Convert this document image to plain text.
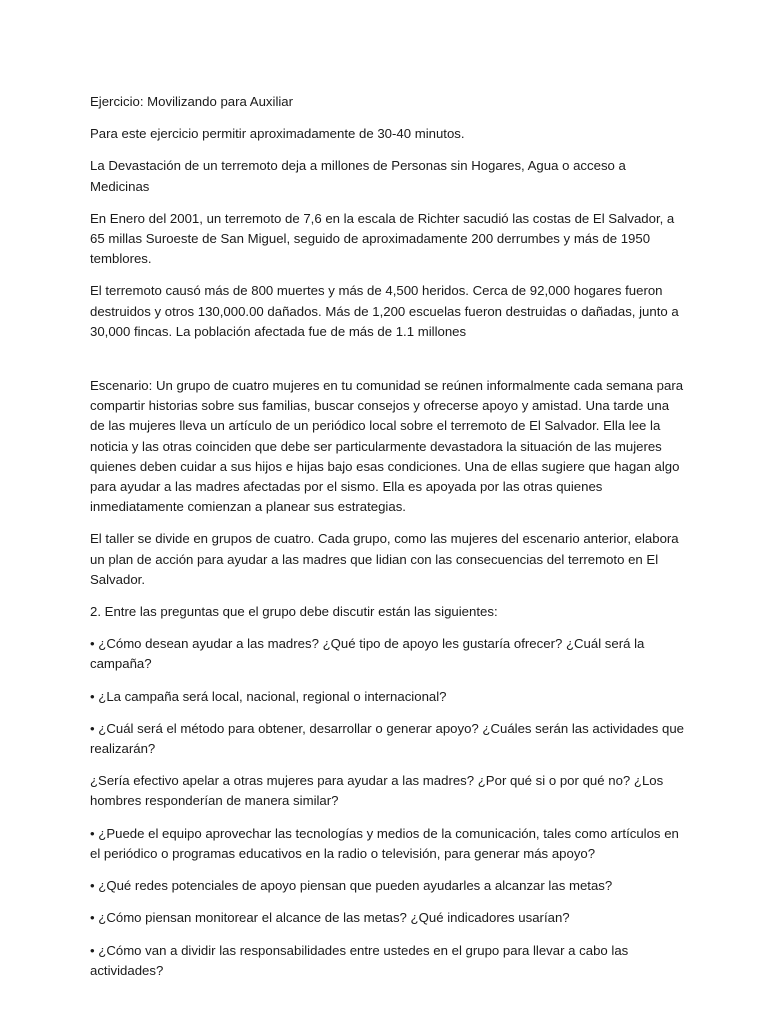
Ejercicio: Movilizando para Auxiliar

Para este ejercicio permitir aproximadamente de 30-40 minutos.

La Devastación de un terremoto deja a millones de Personas sin Hogares, Agua o acceso a Medicinas

En Enero del 2001, un terremoto de 7,6 en la escala de Richter sacudió las costas de El Salvador, a 65 millas Suroeste de San Miguel, seguido de aproximadamente 200 derrumbes y más de 1950 temblores.

El terremoto causó más de 800 muertes y más de 4,500 heridos. Cerca de 92,000 hogares fueron destruidos y otros 130,000.00 dañados. Más de 1,200 escuelas fueron destruidas o dañadas, junto a 30,000 fincas. La población afectada fue de más de 1.1 millones

Escenario: Un grupo de cuatro mujeres en tu comunidad se reúnen informalmente cada semana para compartir historias sobre sus familias, buscar consejos y ofrecerse apoyo y amistad. Una tarde una de las mujeres lleva un artículo de un periódico local sobre el terremoto de El Salvador. Ella lee la noticia y las otras coinciden que debe ser particularmente devastadora la situación de las mujeres quienes deben cuidar a sus hijos e hijas bajo esas condiciones. Una de ellas sugiere que hagan algo para ayudar a las madres afectadas por el sismo. Ella es apoyada por las otras quienes inmediatamente comienzan a planear sus estrategias.

El taller se divide en grupos de cuatro. Cada grupo, como las mujeres del escenario anterior, elabora un plan de acción para ayudar a las madres que lidian con las consecuencias del terremoto en El Salvador.

2. Entre las preguntas que el grupo debe discutir están las siguientes:

• ¿Cómo desean ayudar a las madres? ¿Qué tipo de apoyo les gustaría ofrecer? ¿Cuál será la campaña?

• ¿La campaña será local, nacional, regional o internacional?

• ¿Cuál será el método para obtener, desarrollar o generar apoyo? ¿Cuáles serán las actividades que realizarán?

¿Sería efectivo apelar a otras mujeres para ayudar a las madres? ¿Por qué si o por qué no? ¿Los hombres responderían de manera similar?

• ¿Puede el equipo aprovechar las tecnologías y medios de la comunicación, tales como artículos en el periódico o programas educativos en la radio o televisión, para generar más apoyo?

• ¿Qué redes potenciales de apoyo piensan que pueden ayudarles a alcanzar las metas?

• ¿Cómo piensan monitorear el alcance de las metas? ¿Qué indicadores usarían?

• ¿Cómo van a dividir las responsabilidades entre ustedes en el grupo para llevar a cabo las actividades?
